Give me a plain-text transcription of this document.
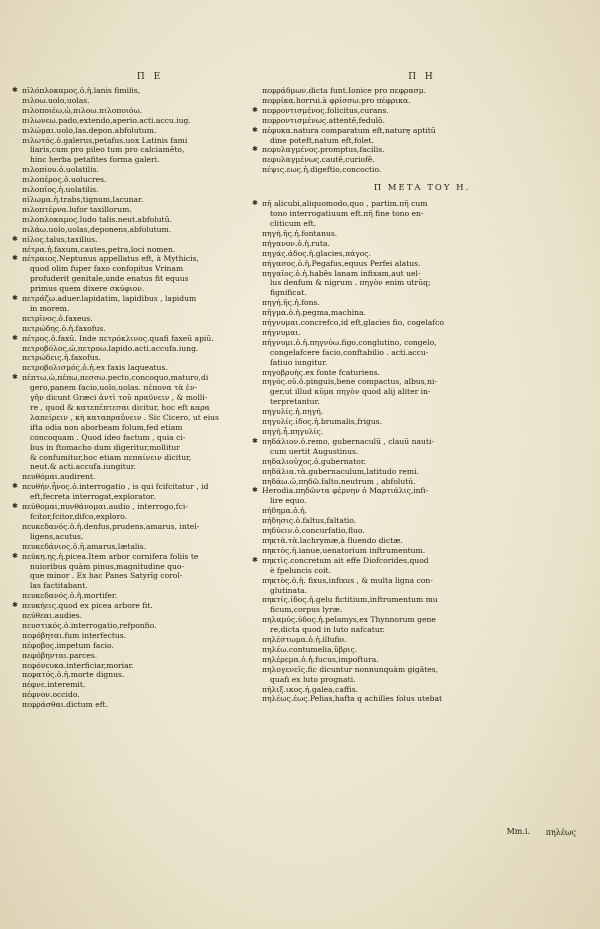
Π Ε
✱ πῑλόπλοκαμος.ὁ.ἡ.lanis fimilis,
πιλοω.uolo,uolas.
πιλοποιέω,ὠ,πιλοω.πιλοποιόω.
πιλωνεω.pado,extendo,aperio.acti.accu.iug.
πιλώμαι.uolo,las.depon.abfolutum.
πιλωτός.ὁ.galerus,petafus.uox Latinis fami
liaris,cum pro pileo tum pro calciamēto,
hinc herba petafites forma galeri.
πιλοπίου.ὁ.uolatilis.
πιλοπέρος.ὁ.uolucres.
πιλοπίος.ἡ.uolatilis.
πίλωμα.ἡ.trabs,tignum,lacunar.
πιλοπτέρνα.lufor taxillorum.
πιλοπλοκαμος.ludo talis.neut.abfolutū.
πιλάω.uolo,uolas,deponens,abfolutum.
✱ πίλος.talus,taxillus.
πέτρα.ἡ.faxum,cautes,petra,loci nomen.
✱ πέτραιος.Neptunus appellatus eft, à Mythicis,
quod olim fuper faxo confopitus Vrinam
profuderit genitale,unde enatus fit equus
primus quem dixere σκύφιον.
✱ πετράζω.aduer.lapidatim, lapidibus , lapidum
in morem.
πετρῖνος.ὁ.faxeus.
πετρώδης.ὁ.ἡ.faxofus.
✱ πέτρος.ὁ.faxū. Inde πετρόκλινος.quafi faxeū apiū.
πετροβόλος,ὠ,πετροω.lapido.acti.accufa.iung.
πετρώδεις.ἡ.faxofus.
πετροβολισμός.ὁ.ἡ.ex faxis laqueatus.
✱ πέπτω,ὠ,πέπω,πεσσω.pecto,concoquo,maturo,di
gero,panem facio,uolo,uolas. πέπονα τὰ ἐν-
γῆν dicunt Græci ἀντὶ τοῦ πραϋνειν , & molli-
re , quod & κατεπέπτεσαι dicitur, hoc eft καρα
λαπείρειν , κὴ καταπραΰνειν . Sic Cicero, ut eius
ifta odia non aborbeam folum,fed etiam
concoquam . Quod ideo factum , quia ci-
bus in ftomacho dum digeritur,mollitur
& confumitur,hoc etiam πεπαίνειν dicitur,
neut.& acti.accufa.iungitur.
πευθόμαι.audirent.
✱ πευθήν.ἦνος.ὁ.interrogatio , is qui fcifcitatur , id
eft,fecreta interrogat,explorator.
✱ πεύθομαι,πυνθάνομαι.audio , interrogo,fci-
fcitor,fcitor,difco,exploro.
πευκεδανός.ὁ.ἡ.denfus,prudens,amarus, intel-
ligens,acutus.
πευκεδάνιος.ὁ.ἡ.amarus,lætalis.
✱ πεύκη.ης.ἡ.picea.Item arbor cornifera foliis te
nuioribus quàm pinus,magnitudine quo-
que minor . Ex hac Panes Satyrīg corol-
las factitabant.
πευκεδανός.ὁ.ἡ.mortifer.
✱ πευκήεις.quod ex picea arbore fit.
πεύθεαι.audies.
πευστικός.ὁ.interrogatio,refponfio.
πεφόβηται.fum interfectus.
πέφοβος.impetum facio.
πεφόβηνται.parces.
πεφόνευκα.interficiar,moriar.
πεφατός.ὁ.ἡ.morte dignus.
πέφνε.interemit.
πέφνον.occido.
πεφράσθαι.dictum eft.
Π Η
πεφράδμων.dicta funt.Ionice pro πεφρασμ.
πεφρίκα.horrui.à φρίσσω.pro πέφρικα.
✱ πεφροντισμένος.folicitus,curans.
πεφροντισμένως.attentē,fedulō.
✱ πέφυκα.natura comparatum eft,naturę aptitū
dine poteft,natum eft,folet.
✱ πεφυλαγμένος.promptus,facilis.
πεφυλαγμένως.cautē,curiofē.
πέψις.εως.ἡ.digeftio,concoctio.
Π ΜΕΤΑ ΤΟΥ Η.
✱ πῆ alicubi,aliquomodo,quo , partim.πῆ cum
tono interrogatiuum eft.πῆ fine tono en-
cliticum eft.
πηγή.ῆς.ἡ.fontanus.
πήγανον.ὁ.ἡ.ruta.
πηγάς.άδος.ἡ.glacies,πάγος.
πήγασος.ὁ.ἡ.Pegafus,equus Perfei alatus.
πηγαῖος.ὁ.ἡ.habēs lanam infixam,aut uel-
lus denfum & nigrum . πηγὸν enim utrūq;
fignificat.
πηγή.ῆς.ἡ.fons.
πῆγμα.ὁ.ἡ.pegma,machina.
πήγνυμαι.concrefco,id eft,glacies fio, cogelafco
πήγνυμαι.
πήγνυμι.ὁ.ἡ.πηγνύω.figo,conglutino, congelo,
congelafcere facio,conftabilio . acti.accu-
fatiuo iungitur.
πηγοβρυὴς.ex fonte fcaturiens.
πηγός.οῦ.ὁ.pinguis,bene compactus, albus,ni-
ger,ut illud κῦμα πηγὸν quod alij aliter in-
terpretantur.
πηγυλίς.ἡ.πηγή.
πηγυλίς.ίδος.ἡ.brumalis,frigus.
πηγή.ἦ.πηγυλίς.
✱ πηδάλιον.ὁ.remo, gubernaculū , clauū nauti-
cum uertit Augustinus.
πηδαλιοῦχος.ὁ.gubernator.
πηδάλια.τὰ.gubernaculum,latitudo remi.
πηδάω.ὠ,πηδῶ.falto.neutrum , abfolutū.
✱ Herodia.πηδῶντα φέρνην ὁ Μαρτιάλις,infi-
lire equo.
πήδημα.ὁ.ἡ.
πήδησις.ὁ.faltus,faltatio.
πηδύειν.ὁ.concurfatio,fluo.
πηκτὰ.τὰ.lachrymæ,à fluendo dictæ.
πηκτὸς.ἡ.ianue,uenatorium inftrumentum.
✱ πηκτὶς.concretum ait effe Diofcorides,quod
è fpeluncis coit.
πηκτὸς.ὁ.ἡ. fixus,infixus , & multa ligna con-
glutinata.
πηκτίς.ίδος.ἡ.gelu fictitium,inftrumentum mu
ficum,corpus lyræ.
πηλαμύς.ύδος.ἡ.pelamys,ex Thynnorum gene
re,dicta quod in luto nafcatur.
πηλέστωμα.ὁ.ἡ.illufio.
πηλέω.contumelia,ὕβρις.
πηλέρεμα.ὁ.ἡ.fucus,impoftura.
πηλογενεῖς.fic dicuntur nonnunquàm gigātes,
quafi ex luto prognati.
πήλιξ.ικος.ἡ.galea,caffis.
πηλέως.έως.Pelias,hafta q achilles folus utebat
πηλέως
Mm.i.
